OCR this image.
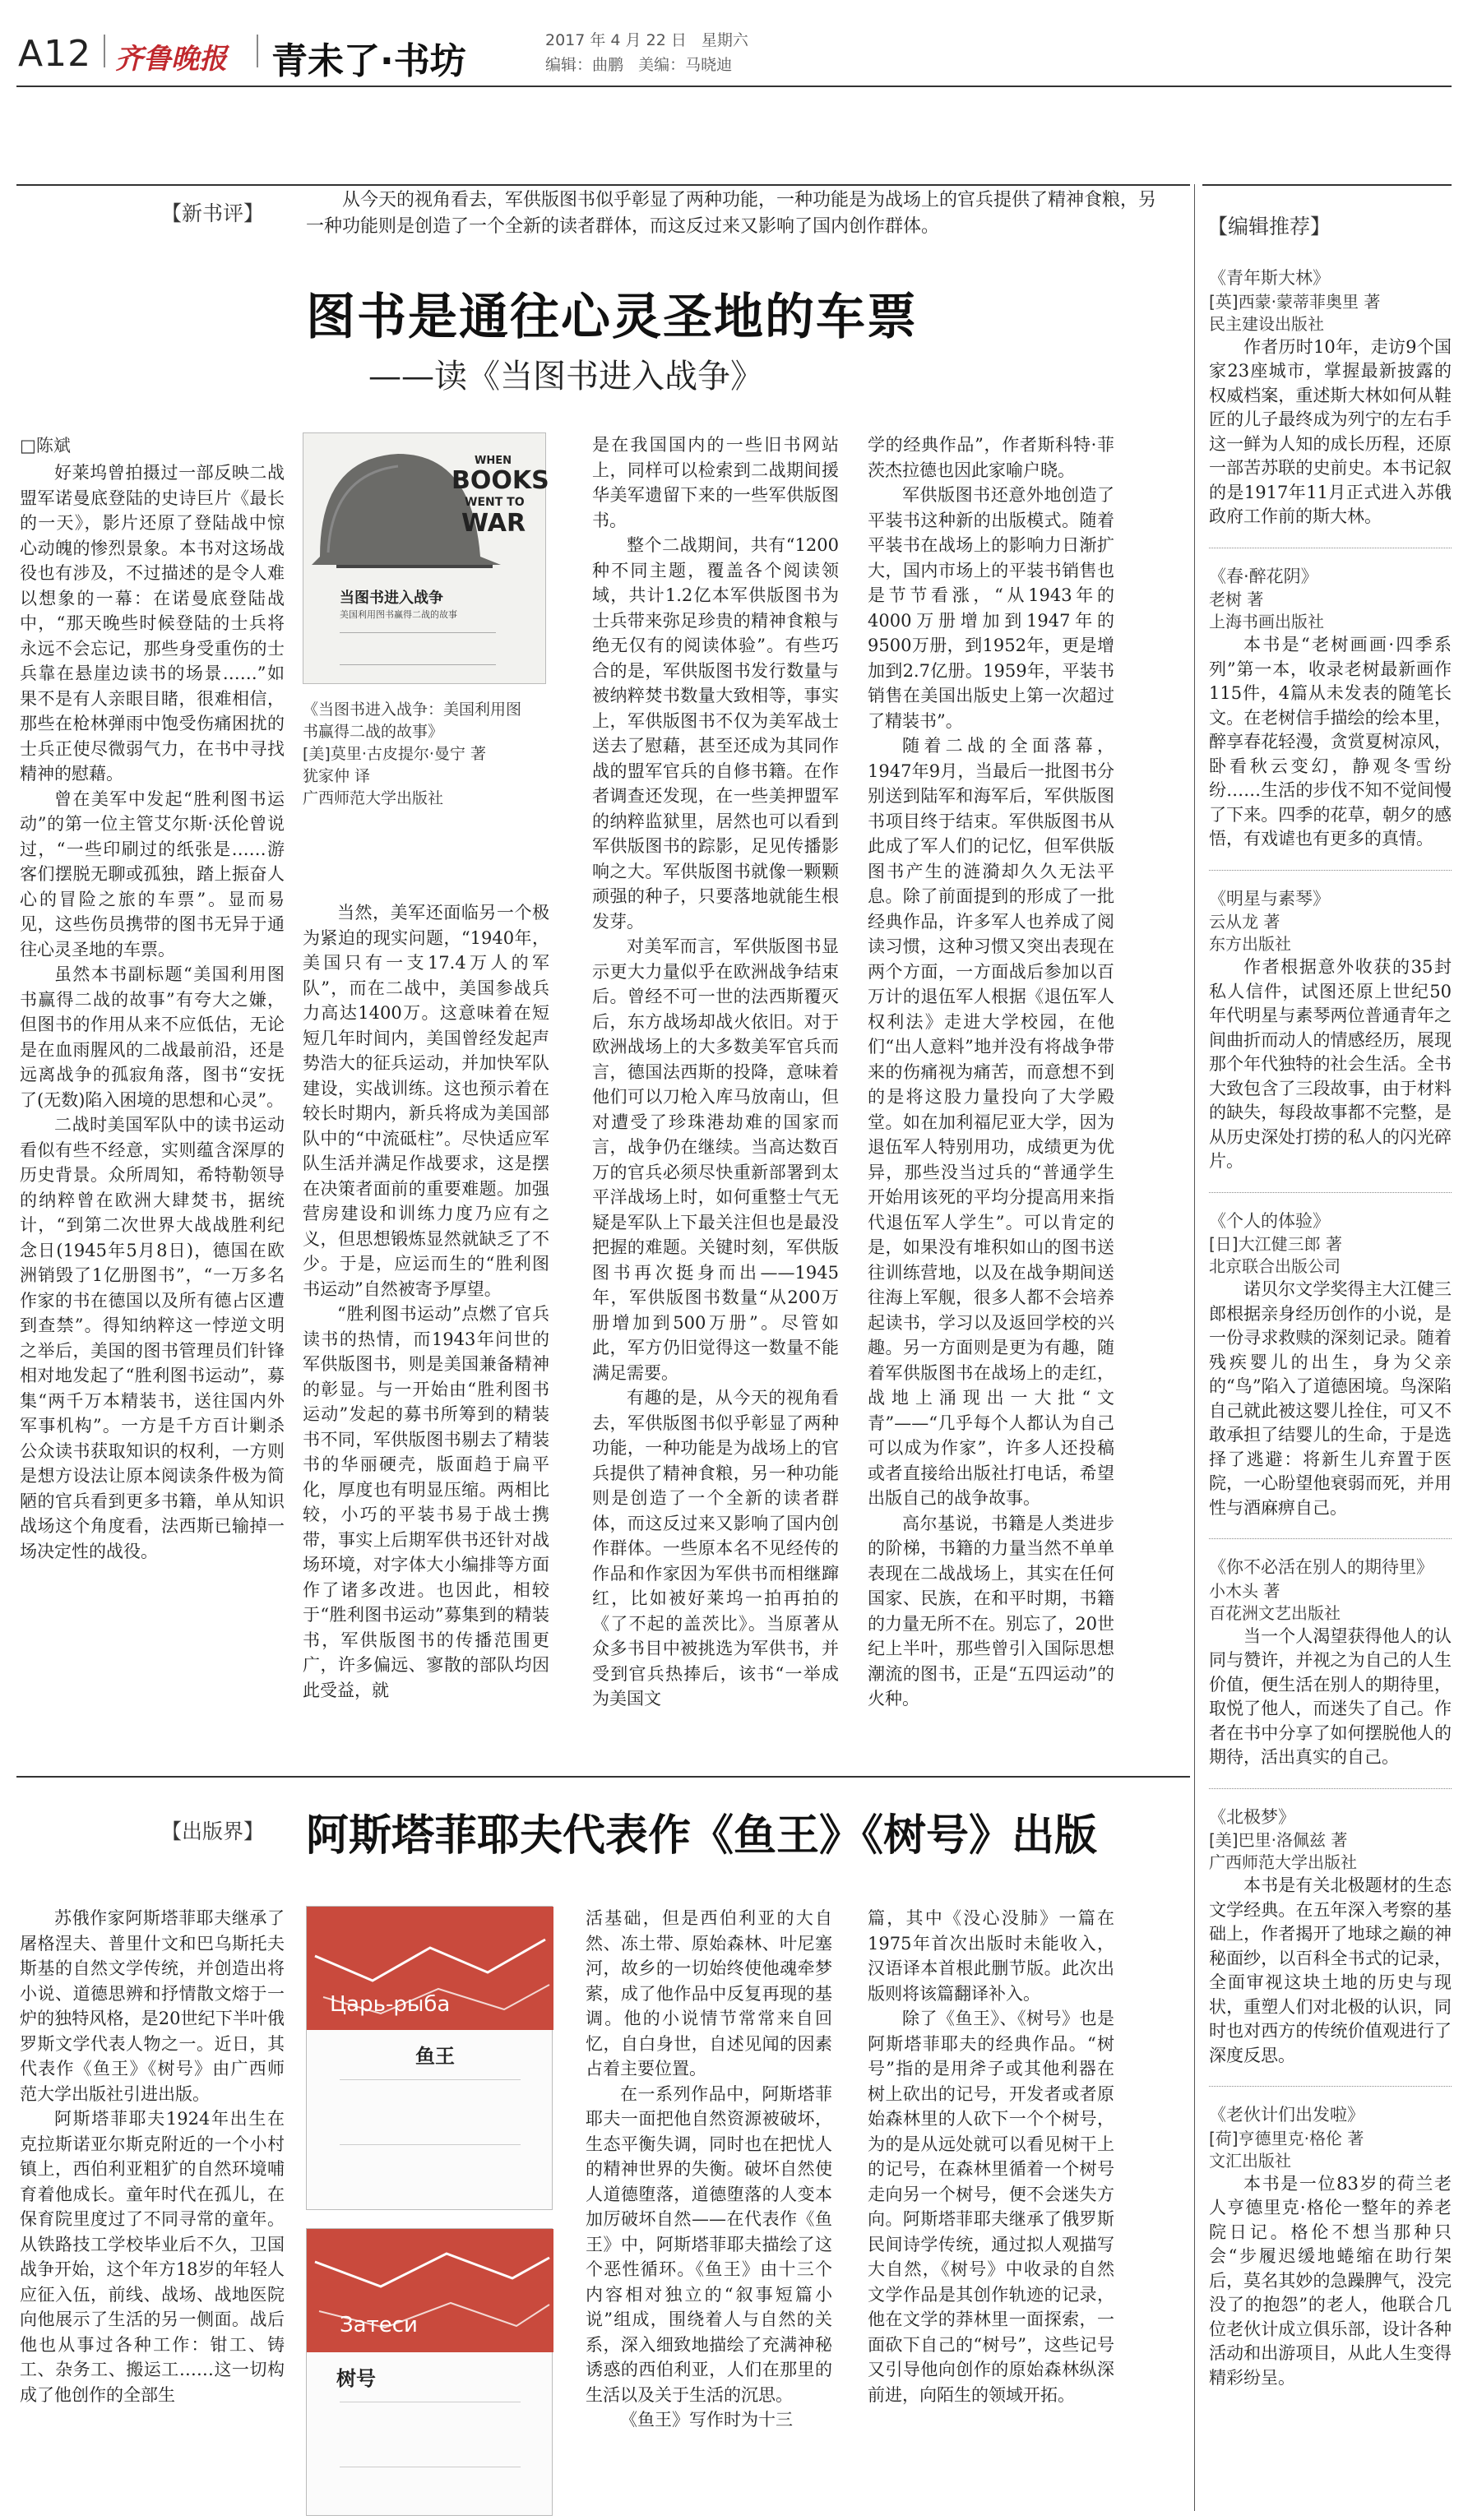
A12 齐鲁晚报 青未了·书坊	2017 年 4 月 22 日   星期六
编辑：曲鹏   美编：马晓迪
【新书评】
从今天的视角看去，军供版图书似乎彰显了两种功能，一种功能是为战场上的官兵提供了精神食粮，另一种功能则是创造了一个全新的读者群体，而这反过来又影响了国内创作群体。
图书是通往心灵圣地的车票
——读《当图书进入战争》
□陈斌
WHEN
BOOKS
WENT TO
WAR
当图书进入战争
美国利用图书赢得二战的故事
《当图书进入战争：美国利用图
书赢得二战的故事》
[美]莫里·古皮提尔·曼宁 著
犹家仲 译
广西师范大学出版社

好莱坞曾拍摄过一部反映二战盟军诺曼底登陆的史诗巨片《最长的一天》，影片还原了登陆战中惊心动魄的惨烈景象。本书对这场战役也有涉及，不过描述的是令人难以想象的一幕：在诺曼底登陆战中，“那天晚些时候登陆的士兵将永远不会忘记，那些身受重伤的士兵靠在悬崖边读书的场景……”如果不是有人亲眼目睹，很难相信，那些在枪林弹雨中饱受伤痛困扰的士兵正使尽微弱气力，在书中寻找精神的慰藉。

曾在美军中发起“胜利图书运动”的第一位主管艾尔斯·沃伦曾说过，“一些印刷过的纸张是……游客们摆脱无聊或孤独，踏上振奋人心的冒险之旅的车票”。显而易见，这些伤员携带的图书无异于通往心灵圣地的车票。

虽然本书副标题“美国利用图书赢得二战的故事”有夸大之嫌，但图书的作用从来不应低估，无论是在血雨腥风的二战最前沿，还是远离战争的孤寂角落，图书“安抚了(无数)陷入困境的思想和心灵”。

二战时美国军队中的读书运动看似有些不经意，实则蕴含深厚的历史背景。众所周知，希特勒领导的纳粹曾在欧洲大肆焚书，据统计，“到第二次世界大战战胜利纪念日(1945年5月8日)，德国在欧洲销毁了1亿册图书”，“一万多名作家的书在德国以及所有德占区遭到查禁”。得知纳粹这一悖逆文明之举后，美国的图书管理员们针锋相对地发起了“胜利图书运动”，募集“两千万本精装书，送往国内外军事机构”。一方是千方百计剿杀公众读书获取知识的权利，一方则是想方设法让原本阅读条件极为简陋的官兵看到更多书籍，单从知识战场这个角度看，法西斯已输掉一场决定性的战役。

当然，美军还面临另一个极为紧迫的现实问题，“1940年，美国只有一支17.4万人的军队”，而在二战中，美国参战兵力高达1400万。这意味着在短短几年时间内，美国曾经发起声势浩大的征兵运动，并加快军队建设，实战训练。这也预示着在较长时期内，新兵将成为美国部队中的“中流砥柱”。尽快适应军队生活并满足作战要求，这是摆在决策者面前的重要难题。加强营房建设和训练力度乃应有之义，但思想锻炼显然就缺乏了不少。于是，应运而生的“胜利图书运动”自然被寄予厚望。

“胜利图书运动”点燃了官兵读书的热情，而1943年问世的军供版图书，则是美国兼备精神的彰显。与一开始由“胜利图书运动”发起的募书所筹到的精装书不同，军供版图书剔去了精装书的华丽硬壳，版面趋于扁平化，厚度也有明显压缩。两相比较，小巧的平装书易于战士携带，事实上后期军供书还针对战场环境，对字体大小编排等方面作了诸多改进。也因此，相较于“胜利图书运动”募集到的精装书，军供版图书的传播范围更广，许多偏远、寥散的部队均因此受益，就

是在我国国内的一些旧书网站上，同样可以检索到二战期间援华美军遗留下来的一些军供版图书。

整个二战期间，共有“1200种不同主题，覆盖各个阅读领域，共计1.2亿本军供版图书为士兵带来弥足珍贵的精神食粮与绝无仅有的阅读体验”。有些巧合的是，军供版图书发行数量与被纳粹焚书数量大致相等，事实上，军供版图书不仅为美军战士送去了慰藉，甚至还成为其同作战的盟军官兵的自修书籍。在作者调查还发现，在一些美押盟军的纳粹监狱里，居然也可以看到军供版图书的踪影，足见传播影响之大。军供版图书就像一颗颗顽强的种子，只要落地就能生根发芽。

对美军而言，军供版图书显示更大力量似乎在欧洲战争结束后。曾经不可一世的法西斯覆灭后，东方战场却战火依旧。对于欧洲战场上的大多数美军官兵而言，德国法西斯的投降，意味着他们可以刀枪入库马放南山，但对遭受了珍珠港劫难的国家而言，战争仍在继续。当高达数百万的官兵必须尽快重新部署到太平洋战场上时，如何重整士气无疑是军队上下最关注但也是最没把握的难题。关键时刻，军供版图书再次挺身而出——1945年，军供版图书数量“从200万册增加到500万册”。尽管如此，军方仍旧觉得这一数量不能满足需要。

有趣的是，从今天的视角看去，军供版图书似乎彰显了两种功能，一种功能是为战场上的官兵提供了精神食粮，另一种功能则是创造了一个全新的读者群体，而这反过来又影响了国内创作群体。一些原本名不见经传的作品和作家因为军供书而相继蹿红，比如被好莱坞一拍再拍的《了不起的盖茨比》。当原著从众多书目中被挑选为军供书，并受到官兵热捧后，该书“一举成为美国文

学的经典作品”，作者斯科特·菲茨杰拉德也因此家喻户晓。

军供版图书还意外地创造了平装书这种新的出版模式。随着平装书在战场上的影响力日渐扩大，国内市场上的平装书销售也是节节看涨，“从1943年的4000万册增加到1947年的9500万册，到1952年，更是增加到2.7亿册。1959年，平装书销售在美国出版史上第一次超过了精装书”。

随着二战的全面落幕，1947年9月，当最后一批图书分别送到陆军和海军后，军供版图书项目终于结束。军供版图书从此成了军人们的记忆，但军供版图书产生的涟漪却久久无法平息。除了前面提到的形成了一批经典作品，许多军人也养成了阅读习惯，这种习惯又突出表现在两个方面，一方面战后参加以百万计的退伍军人根据《退伍军人权利法》走进大学校园，在他们“出人意料”地并没有将战争带来的伤痛视为痛苦，而意想不到的是将这股力量投向了大学殿堂。如在加利福尼亚大学，因为退伍军人特别用功，成绩更为优异，那些没当过兵的“普通学生开始用该死的平均分提高用来指代退伍军人学生”。可以肯定的是，如果没有堆积如山的图书送往训练营地，以及在战争期间送往海上军舰，很多人都不会培养起读书，学习以及返回学校的兴趣。另一方面则是更为有趣，随着军供版图书在战场上的走红，战地上涌现出一大批“文青”——“几乎每个人都认为自己可以成为作家”，许多人还投稿或者直接给出版社打电话，希望出版自己的战争故事。

高尔基说，书籍是人类进步的阶梯，书籍的力量当然不单单表现在二战战场上，其实在任何国家、民族，在和平时期，书籍的力量无所不在。别忘了，20世纪上半叶，那些曾引入国际思想潮流的图书，正是“五四运动”的火种。

【出版界】 阿斯塔菲耶夫代表作《鱼王》《树号》出版

苏俄作家阿斯塔菲耶夫继承了屠格涅夫、普里什文和巴乌斯托夫斯基的自然文学传统，并创造出将小说、道德思辨和抒情散文熔于一炉的独特风格，是20世纪下半叶俄罗斯文学代表人物之一。近日，其代表作《鱼王》《树号》由广西师范大学出版社引进出版。

阿斯塔菲耶夫1924年出生在克拉斯诺亚尔斯克附近的一个小村镇上，西伯利亚粗犷的自然环境哺育着他成长。童年时代在孤儿，在保育院里度过了不同寻常的童年。从铁路技工学校毕业后不久，卫国战争开始，这个年方18岁的年轻人应征入伍，前线、战场、战地医院向他展示了生活的另一侧面。战后他也从事过各种工作：钳工、铸工、杂务工、搬运工……这一切构成了他创作的全部生

Царь-рыба
鱼王
Затеси
树号

活基础，但是西伯利亚的大自然、冻土带、原始森林、叶尼塞河，故乡的一切始终使他魂牵梦萦，成了他作品中反复再现的基调。他的小说情节常常来自回忆，自白身世，自述见闻的因素占着主要位置。

在一系列作品中，阿斯塔菲耶夫一面把他自然资源被破坏，生态平衡失调，同时也在把忧人的精神世界的失衡。破坏自然使人道德堕落，道德堕落的人变本加厉破坏自然——在代表作《鱼王》中，阿斯塔菲耶夫描绘了这个恶性循环。《鱼王》由十三个内容相对独立的“叙事短篇小说”组成，围绕着人与自然的关系，深入细致地描绘了充满神秘诱惑的西伯利亚，人们在那里的生活以及关于生活的沉思。

《鱼王》写作时为十三

篇，其中《没心没肺》一篇在1975年首次出版时未能收入，汉语译本首根此删节版。此次出版则将该篇翻译补入。

除了《鱼王》、《树号》也是阿斯塔菲耶夫的经典作品。“树号”指的是用斧子或其他利器在树上砍出的记号，开发者或者原始森林里的人砍下一个个树号，为的是从远处就可以看见树干上的记号，在森林里循着一个树号走向另一个树号，便不会迷失方向。阿斯塔菲耶夫继承了俄罗斯民间诗学传统，通过拟人观描写大自然，《树号》中收录的自然文学作品是其创作轨迹的记录，他在文学的莽林里一面探索，一面砍下自己的“树号”，这些记号又引导他向创作的原始森林纵深前进，向陌生的领域开拓。

【编辑推荐】
《青年斯大林》
[英]西蒙·蒙蒂菲奥里 著
民主建设出版社
作者历时10年，走访9个国家23座城市，掌握最新披露的权威档案，重述斯大林如何从鞋匠的儿子最终成为列宁的左右手这一鲜为人知的成长历程，还原一部苦苏联的史前史。本书记叙的是1917年11月正式进入苏俄政府工作前的斯大林。
《春·醉花阴》
老树 著
上海书画出版社
本书是“老树画画·四季系列”第一本，收录老树最新画作115件，4篇从未发表的随笔长文。在老树信手描绘的绘本里，醉享春花轻漫，贪赏夏树凉风，卧看秋云变幻，静观冬雪纷纷……生活的步伐不知不觉间慢了下来。四季的花草，朝夕的感悟，有戏谑也有更多的真情。
《明星与素琴》
云从龙 著
东方出版社
作者根据意外收获的35封私人信件，试图还原上世纪50年代明星与素琴两位普通青年之间曲折而动人的情感经历，展现那个年代独特的社会生活。全书大致包含了三段故事，由于材料的缺失，每段故事都不完整，是从历史深处打捞的私人的闪光碎片。
《个人的体验》
[日]大江健三郎 著
北京联合出版公司
诺贝尔文学奖得主大江健三郎根据亲身经历创作的小说，是一份寻求救赎的深刻记录。随着残疾婴儿的出生，身为父亲的“鸟”陷入了道德困境。鸟深陷自己就此被这婴儿拴住，可又不敢承担了结婴儿的生命，于是选择了逃避：将新生儿弃置于医院，一心盼望他衰弱而死，并用性与酒麻痹自己。
《你不必活在别人的期待里》
小木头 著
百花洲文艺出版社
当一个人渴望获得他人的认同与赞许，并视之为自己的人生价值，便生活在别人的期待里，取悦了他人，而迷失了自己。作者在书中分享了如何摆脱他人的期待，活出真实的自己。
《北极梦》
[美]巴里·洛佩兹 著
广西师范大学出版社
本书是有关北极题材的生态文学经典。在五年深入考察的基础上，作者揭开了地球之巅的神秘面纱，以百科全书式的记录，全面审视这块土地的历史与现状，重塑人们对北极的认识，同时也对西方的传统价值观进行了深度反思。
《老伙计们出发啦》
[荷]亨德里克·格伦 著
文汇出版社
本书是一位83岁的荷兰老人亨德里克·格伦一整年的养老院日记。格伦不想当那种只会“步履迟缓地蜷缩在助行架后，莫名其妙的急躁脾气，没完没了的抱怨”的老人，他联合几位老伙计成立俱乐部，设计各种活动和出游项目，从此人生变得精彩纷呈。
